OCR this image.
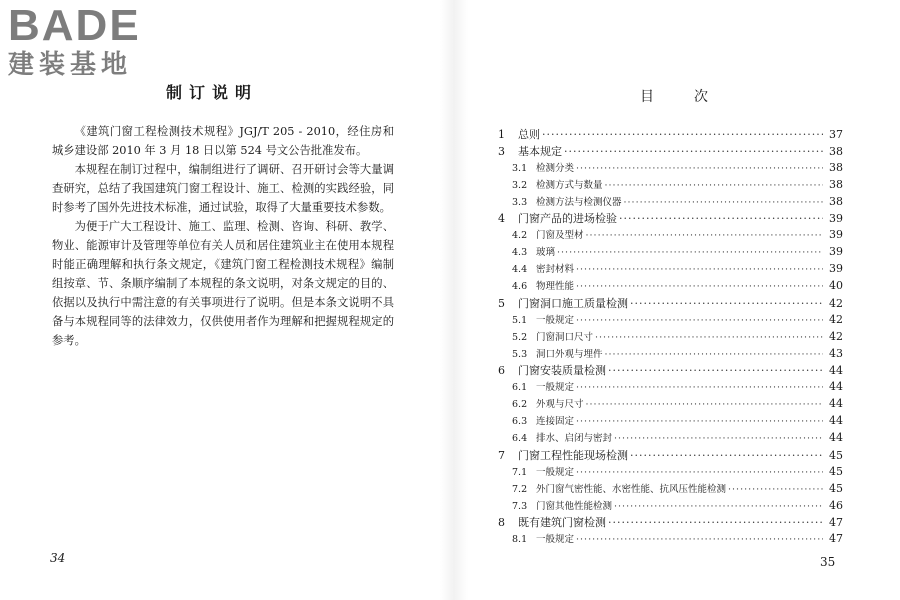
BADE
建装基地
制订说明

《建筑门窗工程检测技术规程》JGJ/T 205 - 2010，经住房和城乡建设部 2010 年 3 月 18 日以第 524 号文公告批准发布。

本规程在制订过程中，编制组进行了调研、召开研讨会等大量调查研究，总结了我国建筑门窗工程设计、施工、检测的实践经验，同时参考了国外先进技术标准，通过试验，取得了大量重要技术参数。

为便于广大工程设计、施工、监理、检测、咨询、科研、教学、物业、能源审计及管理等单位有关人员和居住建筑业主在使用本规程时能正确理解和执行条文规定，《建筑门窗工程检测技术规程》编制组按章、节、条顺序编制了本规程的条文说明，对条文规定的目的、依据以及执行中需注意的有关事项进行了说明。但是本条文说明不具备与本规程同等的法律效力，仅供使用者作为理解和把握规程规定的参考。

34
目次
1	总则 ·····	37
3	基本规定 ·····	38
3.1 检测分类 ·····	38
3.2 检测方式与数量 ·····	38
3.3 检测方法与检测仪器 ·····	38
4	门窗产品的进场检验 ·····	39
4.2 门窗及型材 ·····	39
4.3 玻璃 ·····	39
4.4 密封材料 ·····	39
4.6 物理性能 ·····	40
5	门窗洞口施工质量检测 ·····	42
5.1 一般规定 ·····	42
5.2 门窗洞口尺寸 ·····	42
5.3 洞口外观与埋件 ·····	43
6	门窗安装质量检测 ·····	44
6.1 一般规定 ·····	44
6.2 外观与尺寸 ·····	44
6.3 连接固定 ·····	44
6.4 排水、启闭与密封 ·····	44
7	门窗工程性能现场检测 ·····	45
7.1 一般规定 ·····	45
7.2 外门窗气密性能、水密性能、抗风压性能检测 ·····	45
7.3 门窗其他性能检测 ·····	46
8	既有建筑门窗检测 ·····	47
8.1 一般规定 ·····	47
35
